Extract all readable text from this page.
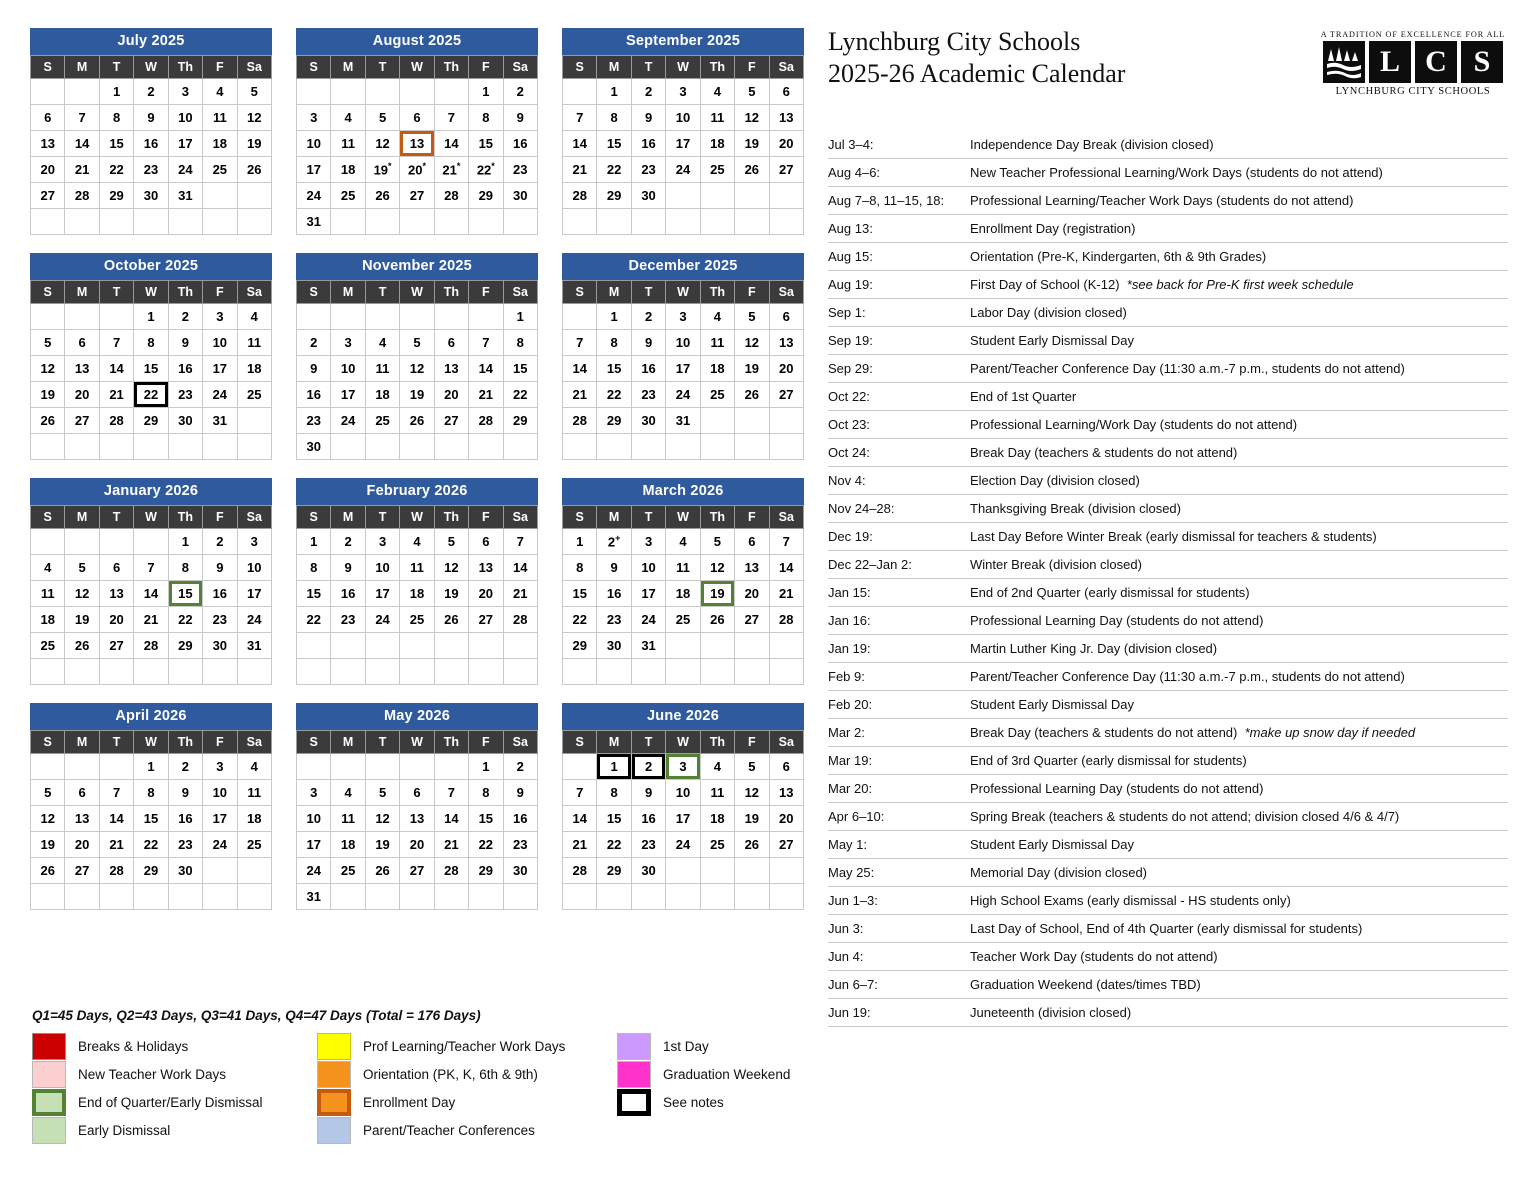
July 2025
S	M	T	W	Th	F	Sa
		1	2	3	4	5
6	7	8	9	10	11	12
13	14	15	16	17	18	19
20	21	22	23	24	25	26
27	28	29	30	31		

August 2025
S	M	T	W	Th	F	Sa
					1	2
3	4	5	6	7	8	9
10	11	12	13	14	15	16
17	18	19*	20*	21*	22*	23
24	25	26	27	28	29	30
31						
September 2025
S	M	T	W	Th	F	Sa
	1	2	3	4	5	6
7	8	9	10	11	12	13
14	15	16	17	18	19	20
21	22	23	24	25	26	27
28	29	30				

October 2025
S	M	T	W	Th	F	Sa
			1	2	3	4
5	6	7	8	9	10	11
12	13	14	15	16	17	18
19	20	21	22	23	24	25
26	27	28	29	30	31	

November 2025
S	M	T	W	Th	F	Sa
						1
2	3	4	5	6	7	8
9	10	11	12	13	14	15
16	17	18	19	20	21	22
23	24	25	26	27	28	29
30						
December 2025
S	M	T	W	Th	F	Sa
	1	2	3	4	5	6
7	8	9	10	11	12	13
14	15	16	17	18	19	20
21	22	23	24	25	26	27
28	29	30	31			

January 2026
S	M	T	W	Th	F	Sa
				1	2	3
4	5	6	7	8	9	10
11	12	13	14	15	16	17
18	19	20	21	22	23	24
25	26	27	28	29	30	31

February 2026
S	M	T	W	Th	F	Sa
1	2	3	4	5	6	7
8	9	10	11	12	13	14
15	16	17	18	19	20	21
22	23	24	25	26	27	28

March 2026
S	M	T	W	Th	F	Sa
1	2+	3	4	5	6	7
8	9	10	11	12	13	14
15	16	17	18	19	20	21
22	23	24	25	26	27	28
29	30	31				

April 2026
S	M	T	W	Th	F	Sa
			1	2	3	4
5	6	7	8	9	10	11
12	13	14	15	16	17	18
19	20	21	22	23	24	25
26	27	28	29	30		

May 2026
S	M	T	W	Th	F	Sa
					1	2
3	4	5	6	7	8	9
10	11	12	13	14	15	16
17	18	19	20	21	22	23
24	25	26	27	28	29	30
31						
June 2026
S	M	T	W	Th	F	Sa
	1	2	3	4	5	6
7	8	9	10	11	12	13
14	15	16	17	18	19	20
21	22	23	24	25	26	27
28	29	30				

Q1=45 Days, Q2=43 Days, Q3=41 Days, Q4=47 Days (Total = 176 Days)
Breaks & Holidays
New Teacher Work Days
End of Quarter/Early Dismissal
Early Dismissal
Prof Learning/Teacher Work Days
Orientation (PK, K, 6th & 9th)
Enrollment Day
Parent/Teacher Conferences
1st Day
Graduation Weekend
See notes
Lynchburg City Schools
2025-26 Academic Calendar
A TRADITION OF EXCELLENCE FOR ALL
L C S
LYNCHBURG CITY SCHOOLS
Jul 3–4:	Independence Day Break (division closed)
Aug 4–6:	New Teacher Professional Learning/Work Days (students do not attend)
Aug 7–8, 11–15, 18:	Professional Learning/Teacher Work Days (students do not attend)
Aug 13:	Enrollment Day (registration)
Aug 15:	Orientation (Pre-K, Kindergarten, 6th & 9th Grades)
Aug 19:	First Day of School (K-12) *see back for Pre-K first week schedule
Sep 1:	Labor Day (division closed)
Sep 19:	Student Early Dismissal Day
Sep 29:	Parent/Teacher Conference Day (11:30 a.m.-7 p.m., students do not attend)
Oct 22:	End of 1st Quarter
Oct 23:	Professional Learning/Work Day (students do not attend)
Oct 24:	Break Day (teachers & students do not attend)
Nov 4:	Election Day (division closed)
Nov 24–28:	Thanksgiving Break (division closed)
Dec 19:	Last Day Before Winter Break (early dismissal for teachers & students)
Dec 22–Jan 2:	Winter Break (division closed)
Jan 15:	End of 2nd Quarter (early dismissal for students)
Jan 16:	Professional Learning Day (students do not attend)
Jan 19:	Martin Luther King Jr. Day (division closed)
Feb 9:	Parent/Teacher Conference Day (11:30 a.m.-7 p.m., students do not attend)
Feb 20:	Student Early Dismissal Day
Mar 2:	Break Day (teachers & students do not attend) *make up snow day if needed
Mar 19:	End of 3rd Quarter (early dismissal for students)
Mar 20:	Professional Learning Day (students do not attend)
Apr 6–10:	Spring Break (teachers & students do not attend; division closed 4/6 & 4/7)
May 1:	Student Early Dismissal Day
May 25:	Memorial Day (division closed)
Jun 1–3:	High School Exams (early dismissal - HS students only)
Jun 3:	Last Day of School, End of 4th Quarter (early dismissal for students)
Jun 4:	Teacher Work Day (students do not attend)
Jun 6–7:	Graduation Weekend (dates/times TBD)
Jun 19:	Juneteenth (division closed)
